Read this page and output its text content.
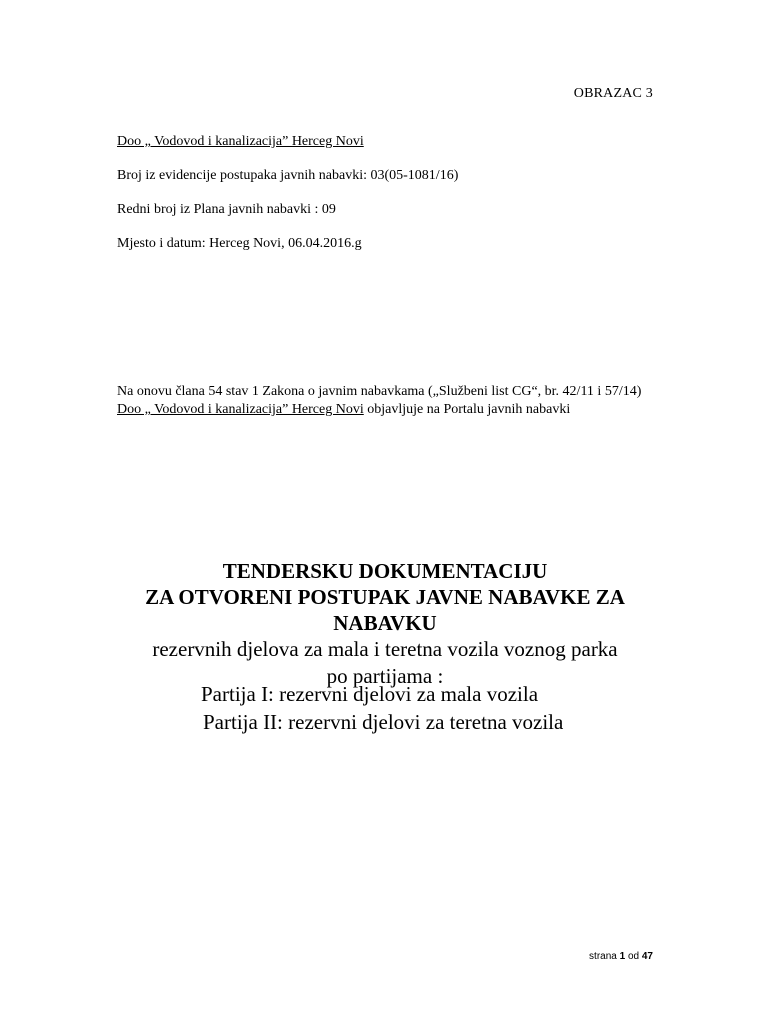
OBRAZAC 3
Doo „ Vodovod i kanalizacija” Herceg Novi
Broj iz evidencije postupaka javnih nabavki: 03(05-1081/16)
Redni broj iz Plana javnih nabavki : 09
Mjesto i datum: Herceg Novi, 06.04.2016.g
Na onovu člana 54 stav 1 Zakona o javnim nabavkama („Službeni list CG“, br. 42/11 i 57/14)
Doo „ Vodovod i kanalizacija” Herceg Novi objavljuje na Portalu javnih nabavki
TENDERSKU DOKUMENTACIJU
ZA OTVORENI POSTUPAK JAVNE NABAVKE ZA
NABAVKU
rezervnih djelova za mala i teretna vozila voznog parka
po partijama :
Partija I: rezervni djelovi za mala vozila
Partija II: rezervni djelovi za teretna vozila
strana 1 od 47
